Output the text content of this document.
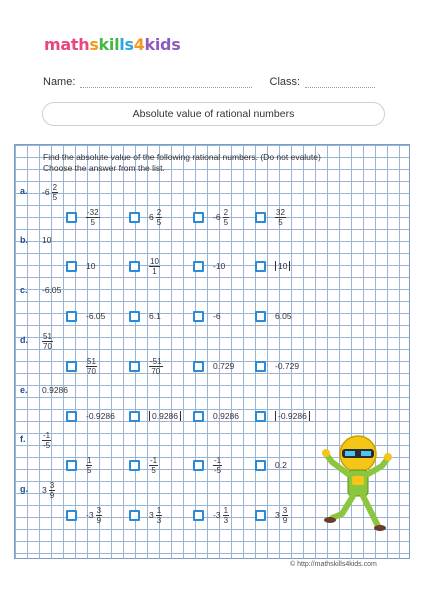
mathskills4kids
Name:	Class:
Absolute value of rational numbers
Find the absolute value of the following rational numbers. (Do not evalute)
Choose the answer from the list.
a. $-6 \frac{2}{5}$
$\frac{-32}{5}$	$6 \frac{2}{5}$	$-6 \frac{2}{5}$	$\frac{32}{5}$
b. 10
10	$\frac{10}{1}$	-10	10
c. -6.05
-6.05	6.1	-6	6.05
d. $\frac{51}{70}$
$\frac{51}{70}$	$\frac{-51}{70}$	0.729	-0.729
e. 0.9286
-0.9286	0.9286	0.9286	-0.9286
f. $\frac{-1}{-5}$
$\frac{1}{5}$	$\frac{-1}{5}$	$\frac{-1}{-5}$	0.2
g. $3 \frac{3}{9}$
$-3 \frac{3}{9}$	$3 \frac{1}{3}$	$-3 \frac{1}{3}$	$3 \frac{3}{9}$
© http://mathskills4kids.com
